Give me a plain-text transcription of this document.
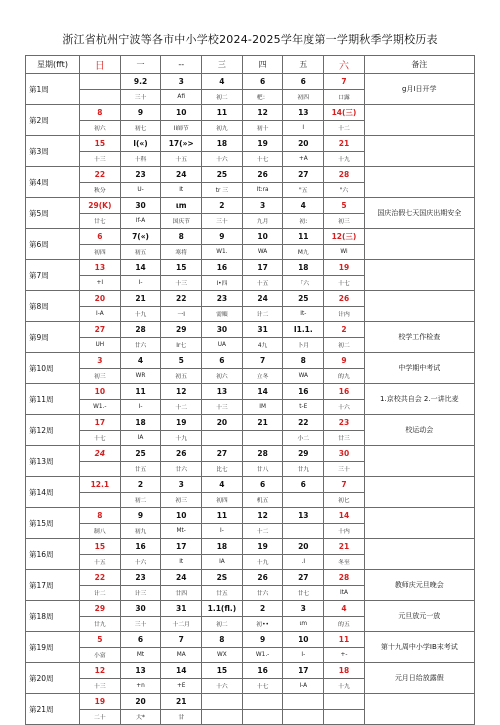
浙江省杭州宁波等各市中小学校2024-2025学年度第一学期秋季学期校历表
星期(fft)	日	一	--	三	四	五	六	备注
第1周		9.2	3	4	6	6	7	g月I日开学
		三十	Afi	初二	杷：	初四	口露	
第2周	8	9	10	11	12	13	14(三)	
	初六	初七	Ii師节	初九	初十	I	十二	
第3周	15	l(«)	17(»>	18	19	20	21	
	十三	十科	十五	十六	十七	+A	十九	
第4周	22	23	24	25	26	27	28	
	秋分	U-	It	tr 三	It:ra	"五	"六	
第5周	29(K)	30	ιm	2	3	4	5	国庆治假七天国庆出期安全
	廿七	If-A	国庆节	三十	九月	初:	初三	
第6周	6	7(«)	8	9	10	11	12(三)	
	初四	初五	寒将	W1.	WA	M九	Wi	
第7周	13	14	15	16	17	18	19	
	+I	I-	十三	I•四	十五	「六	十七	
第8周	20	21	22	23	24	25	26	
	I-A	十九	一I	需順	计二	It-	计内	
第9周	27	28	29	30	31	I1.1.	2	校学工作检查
	UH	廿六	Ir七	UA	4九	卜月	初二	
第10周	3	4	5	6	7	8	9	中学期中考试
	初三	WR	初五	初六	立冬	WA	的九	
第11周	10	11	12	13	14	16	16	1.京校共自会 2.一讲比麦
	W1.-	I-	十二	十三	IM	t-E	十六	
第12周	17	18	19	20	21	22	23	校运动会
	十七	IA	十九			小二	廿三	
第13周	24	25	26	27	28	29	30	
		廿五	廿六	比七	廿八	廿九	三十	
第14周	12.1	2	3	4	6	6	7	
		初二	初三	初四	机五		初匕	
第15周	8	9	10	11	12	13	14	
	制八	初九	Mt-	I-	十二		十内	
第16周	15	16	17	18	19	20	21	
	十五	十六	It	IA	十九	.I	冬至	
第17周	22	23	24	2S	26	27	28	教师庆元旦晚会
	计二	计三	廿四	廿五	廿六	廿七	ItA	
第18周	29	30	31	1.1(fl.)	2	3	4	元旦放元一放
	廿九	三十	十二月	初二	初••	ιm	的五	
第19周	5	6	7	8	9	10	11	第十九周中小学IB末考试
	小富	Mt	MA	WX	W1.-	I-	+-	
第20周	12	13	14	15	16	17	18	元月日给放露假
	十三	+n	+E	十六	十七	I-A	十九	
第21周	19	20	21					
	二十	大*	甘					
